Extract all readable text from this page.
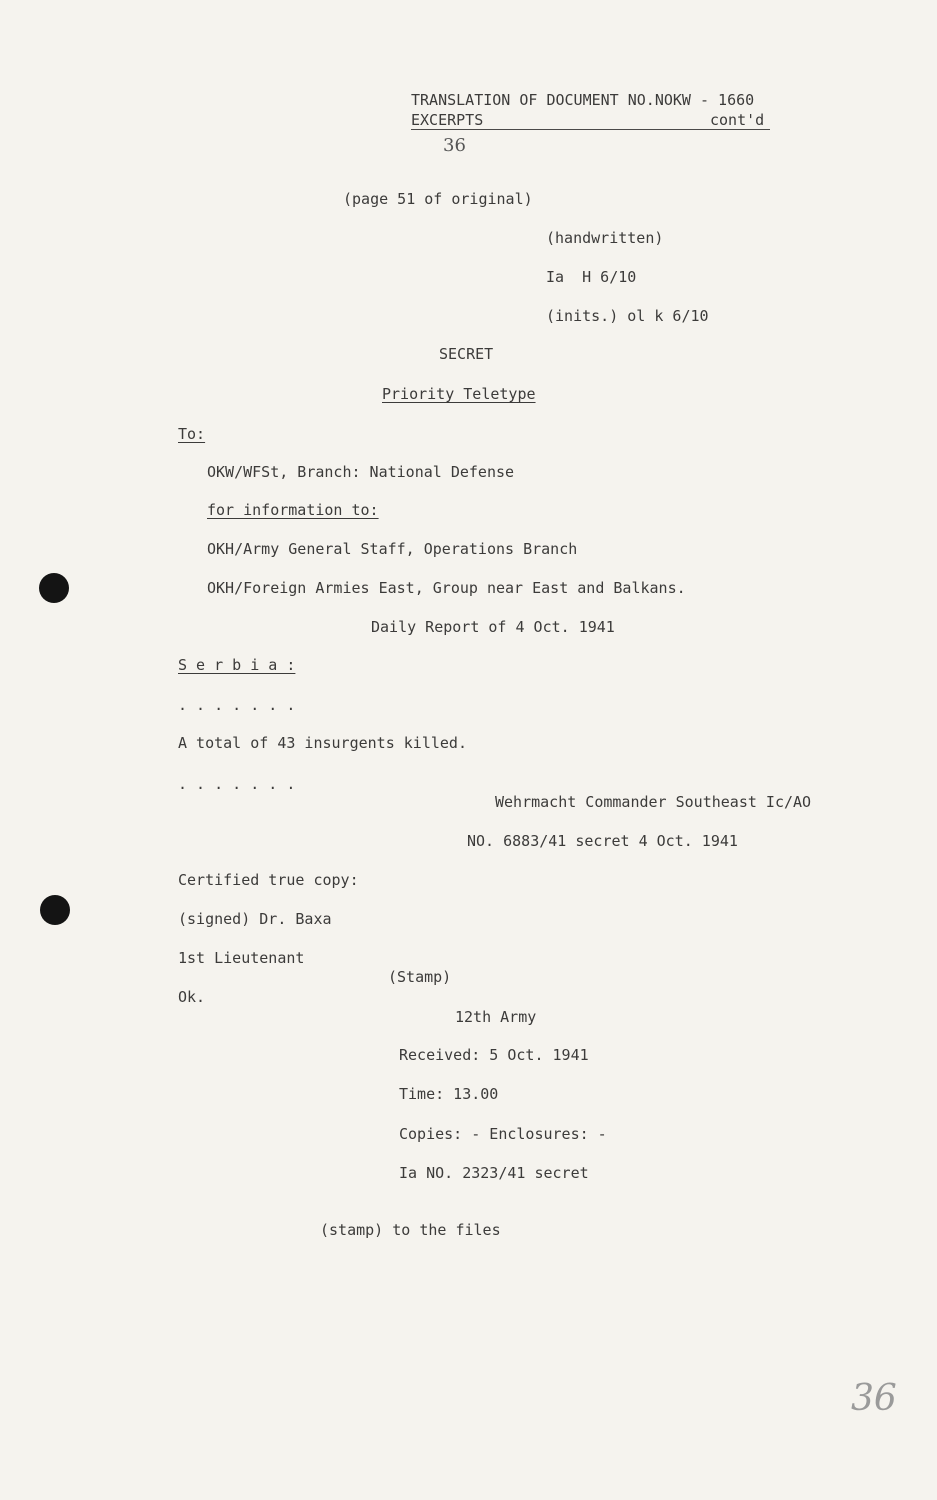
TRANSLATION OF DOCUMENT NO.NOKW - 1660
EXCERPTS	cont'd
36
(page 51 of original)
(handwritten)
Ia  H 6/10
(inits.) ol k 6/10
SECRET
Priority Teletype
To:
OKW/WFSt, Branch: National Defense
for information to:
OKH/Army General Staff, Operations Branch
OKH/Foreign Armies East, Group near East and Balkans.
Daily Report of 4 Oct. 1941
S e r b i a :
. . . . . . .
A total of 43 insurgents killed.
. . . . . . .
Wehrmacht Commander Southeast Ic/AO
NO. 6883/41 secret 4 Oct. 1941
Certified true copy:
(signed) Dr. Baxa
1st Lieutenant
(Stamp)
Ok.
12th Army
Received: 5 Oct. 1941
Time: 13.00
Copies: - Enclosures: -
Ia NO. 2323/41 secret
(stamp) to the files
36
